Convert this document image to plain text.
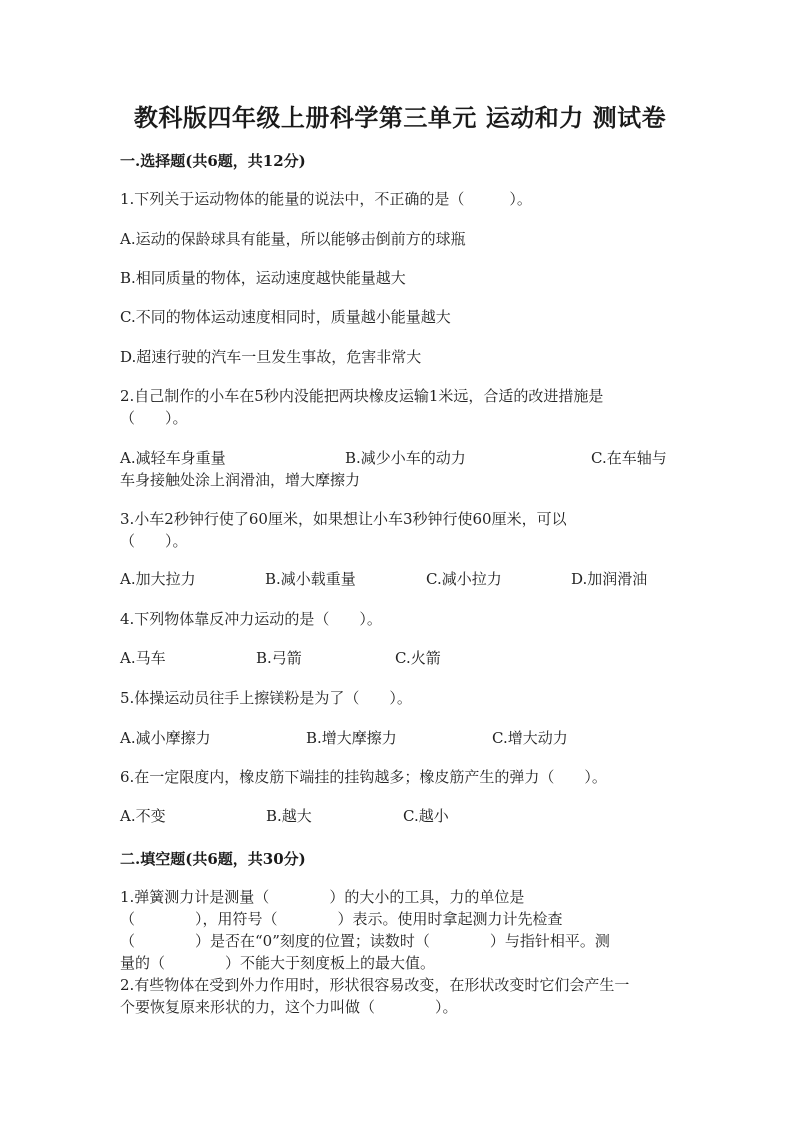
教科版四年级上册科学第三单元 运动和力 测试卷
一.选择题(共6题，共12分)
1.下列关于运动物体的能量的说法中，不正确的是（　　　）。
A.运动的保龄球具有能量，所以能够击倒前方的球瓶
B.相同质量的物体，运动速度越快能量越大
C.不同的物体运动速度相同时，质量越小能量越大
D.超速行驶的汽车一旦发生事故，危害非常大
2.自己制作的小车在5秒内没能把两块橡皮运输1米远，合适的改进措施是
（　　）。
A.减轻车身重量	B.减少小车的动力	C.在车轴与
车身接触处涂上润滑油，增大摩擦力
3.小车2秒钟行使了60厘米，如果想让小车3秒钟行使60厘米，可以
（　　）。
A.加大拉力	B.减小载重量	C.减小拉力	D.加润滑油
4.下列物体靠反冲力运动的是（　　）。
A.马车	B.弓箭	C.火箭
5.体操运动员往手上擦镁粉是为了（　　）。
A.减小摩擦力	B.增大摩擦力	C.增大动力
6.在一定限度内，橡皮筋下端挂的挂钩越多；橡皮筋产生的弹力（　　）。
A.不变	B.越大	C.越小
二.填空题(共6题，共30分)
1.弹簧测力计是测量（　　　　）的大小的工具，力的单位是
（　　　　），用符号（　　　　）表示。使用时拿起测力计先检查
（　　　　）是否在“0”刻度的位置；读数时（　　　　）与指针相平。测
量的（　　　　）不能大于刻度板上的最大值。
2.有些物体在受到外力作用时，形状很容易改变，在形状改变时它们会产生一
个要恢复原来形状的力，这个力叫做（　　　　）。
